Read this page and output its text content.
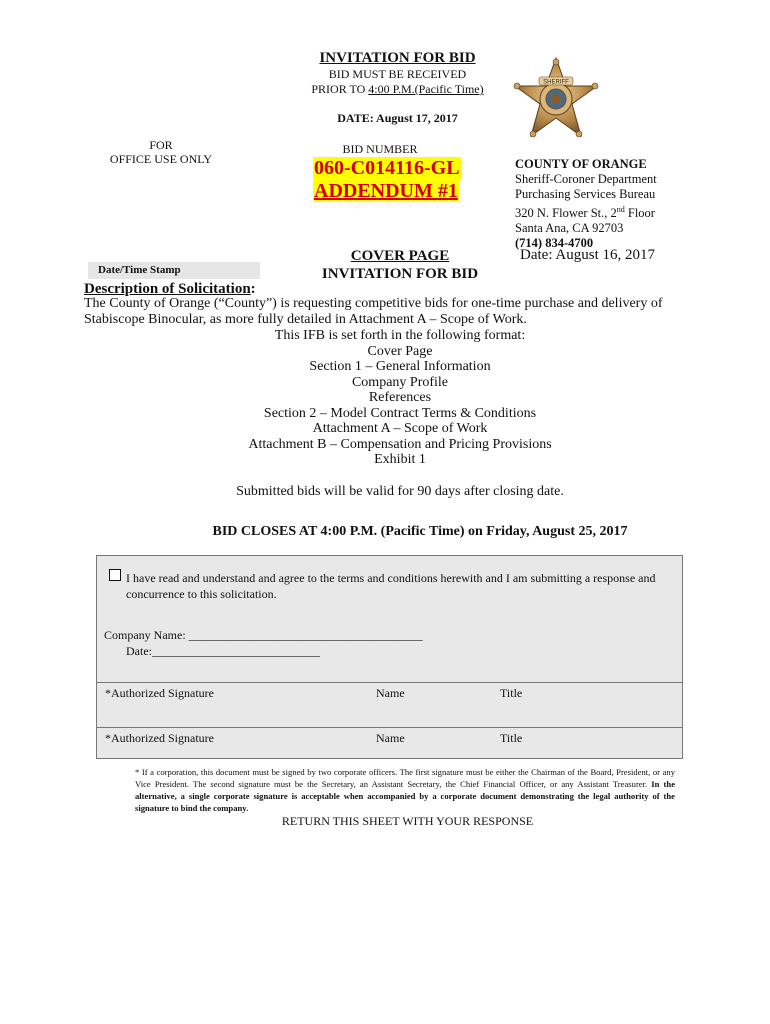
INVITATION FOR BID
BID MUST BE RECEIVED
PRIOR TO 4:00 P.M.(Pacific Time)
DATE: August 17, 2017
SHERIFF
FOR
OFFICE USE ONLY
BID NUMBER
060-C014116-GL
ADDENDUM #1
COUNTY OF ORANGE
Sheriff-Coroner Department
Purchasing Services Bureau
320 N. Flower St., 2nd Floor
Santa Ana, CA 92703
(714) 834-4700
Date: August 16, 2017
COVER PAGE
INVITATION FOR BID
Date/Time Stamp
Description of Solicitation:
The County of Orange (“County”) is requesting competitive bids for one-time purchase and delivery of Stabiscope Binocular, as more fully detailed in Attachment A – Scope of Work.
This IFB is set forth in the following format:
Cover Page
Section 1 – General Information
Company Profile
References
Section 2 – Model Contract Terms & Conditions
Attachment A – Scope of Work
Attachment B – Compensation and Pricing Provisions
Exhibit 1
Submitted bids will be valid for 90 days after closing date.
BID CLOSES AT 4:00 P.M. (Pacific Time) on Friday, August 25, 2017
I have read and understand and agree to the terms and conditions herewith and I am submitting a response and concurrence to this solicitation.
Company Name: _______________________________________
Date:____________________________
*Authorized Signature	Name	Title
*Authorized Signature	Name	Title
* If a corporation, this document must be signed by two corporate officers. The first signature must be either the Chairman of the Board, President, or any Vice President. The second signature must be the Secretary, an Assistant Secretary, the Chief Financial Officer, or any Assistant Treasurer. In the alternative, a single corporate signature is acceptable when accompanied by a corporate document demonstrating the legal authority of the signature to bind the company.
RETURN THIS SHEET WITH YOUR RESPONSE
